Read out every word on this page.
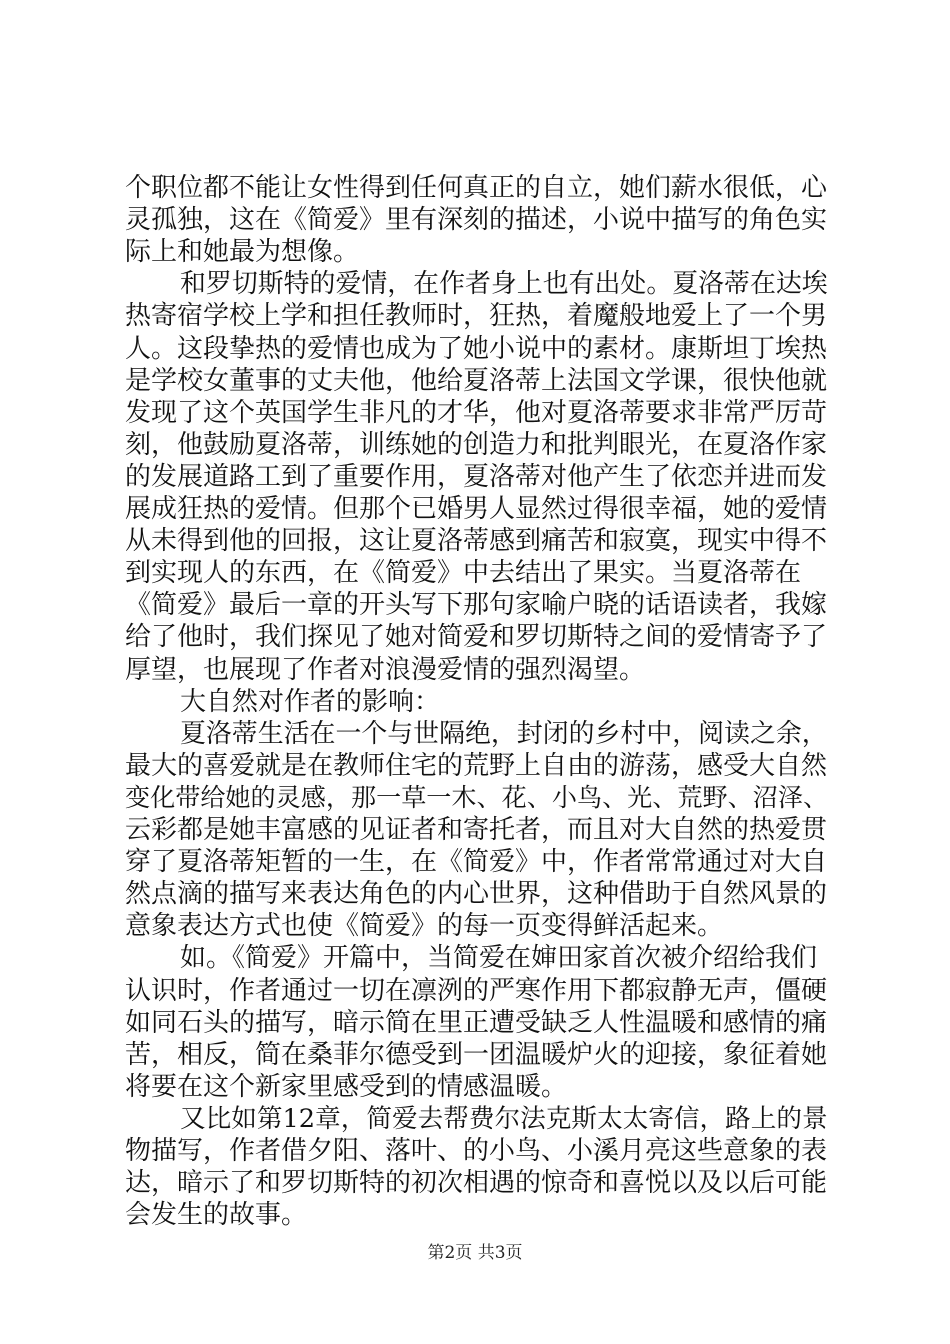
个职位都不能让女性得到任何真正的自立，她们薪水很低，心
灵孤独，这在《简爱》里有深刻的描述，小说中描写的角色实
际上和她最为想像。
和罗切斯特的爱情，在作者身上也有出处。夏洛蒂在达埃
热寄宿学校上学和担任教师时，狂热，着魔般地爱上了一个男
人。这段挚热的爱情也成为了她小说中的素材。康斯坦丁埃热
是学校女董事的丈夫他，他给夏洛蒂上法国文学课，很快他就
发现了这个英国学生非凡的才华，他对夏洛蒂要求非常严厉苛
刻，他鼓励夏洛蒂，训练她的创造力和批判眼光，在夏洛作家
的发展道路工到了重要作用，夏洛蒂对他产生了依恋并进而发
展成狂热的爱情。但那个已婚男人显然过得很幸福，她的爱情
从未得到他的回报，这让夏洛蒂感到痛苦和寂寞，现实中得不
到实现人的东西，在《简爱》中去结出了果实。当夏洛蒂在
《简爱》最后一章的开头写下那句家喻户晓的话语读者，我嫁
给了他时，我们探见了她对简爱和罗切斯特之间的爱情寄予了
厚望，也展现了作者对浪漫爱情的强烈渴望。
大自然对作者的影响：
夏洛蒂生活在一个与世隔绝，封闭的乡村中，阅读之余，
最大的喜爱就是在教师住宅的荒野上自由的游荡，感受大自然
变化带给她的灵感，那一草一木、花、小鸟、光、荒野、沼泽、
云彩都是她丰富感的见证者和寄托者，而且对大自然的热爱贯
穿了夏洛蒂矩暂的一生，在《简爱》中，作者常常通过对大自
然点滴的描写来表达角色的内心世界，这种借助于自然风景的
意象表达方式也使《简爱》的每一页变得鲜活起来。
如。《简爱》开篇中，当简爱在婶田家首次被介绍给我们
认识时，作者通过一切在凛洌的严寒作用下都寂静无声，僵硬
如同石头的描写，暗示简在里正遭受缺乏人性温暖和感情的痛
苦，相反，简在桑菲尔德受到一团温暖炉火的迎接，象征着她
将要在这个新家里感受到的情感温暖。
又比如第12章，简爱去帮费尔法克斯太太寄信，路上的景
物描写，作者借夕阳、落叶、的小鸟、小溪月亮这些意象的表
达，暗示了和罗切斯特的初次相遇的惊奇和喜悦以及以后可能
会发生的故事。
第2页 共3页
